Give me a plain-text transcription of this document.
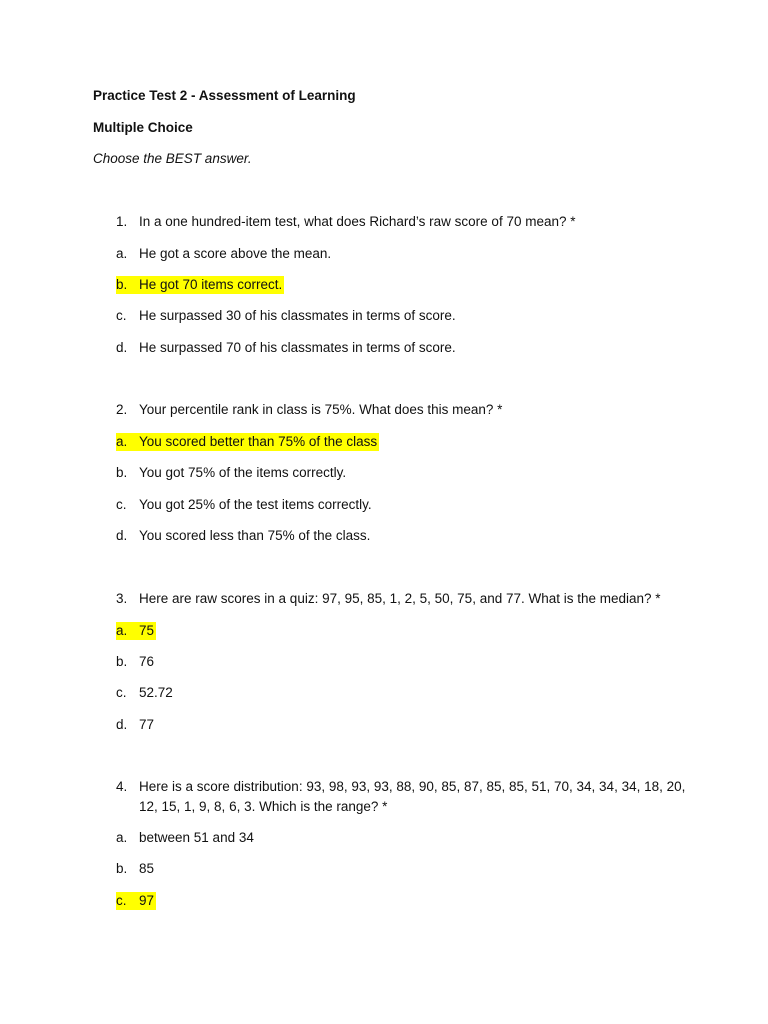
Practice Test 2 - Assessment of Learning
Multiple Choice
Choose the BEST answer.
1. In a one hundred-item test, what does Richard’s raw score of 70 mean? *
a. He got a score above the mean.
b. He got 70 items correct.
c. He surpassed 30 of his classmates in terms of score.
d. He surpassed 70 of his classmates in terms of score.
2. Your percentile rank in class is 75%. What does this mean? *
a. You scored better than 75% of the class
b. You got 75% of the items correctly.
c. You got 25% of the test items correctly.
d. You scored less than 75% of the class.
3. Here are raw scores in a quiz: 97, 95, 85, 1, 2, 5, 50, 75, and 77. What is the median? *
a. 75
b. 76
c. 52.72
d. 77
4. Here is a score distribution: 93, 98, 93, 93, 88, 90, 85, 87, 85, 85, 51, 70, 34, 34, 34, 18, 20, 12, 15, 1, 9, 8, 6, 3. Which is the range? *
a. between 51 and 34
b. 85
c. 97
